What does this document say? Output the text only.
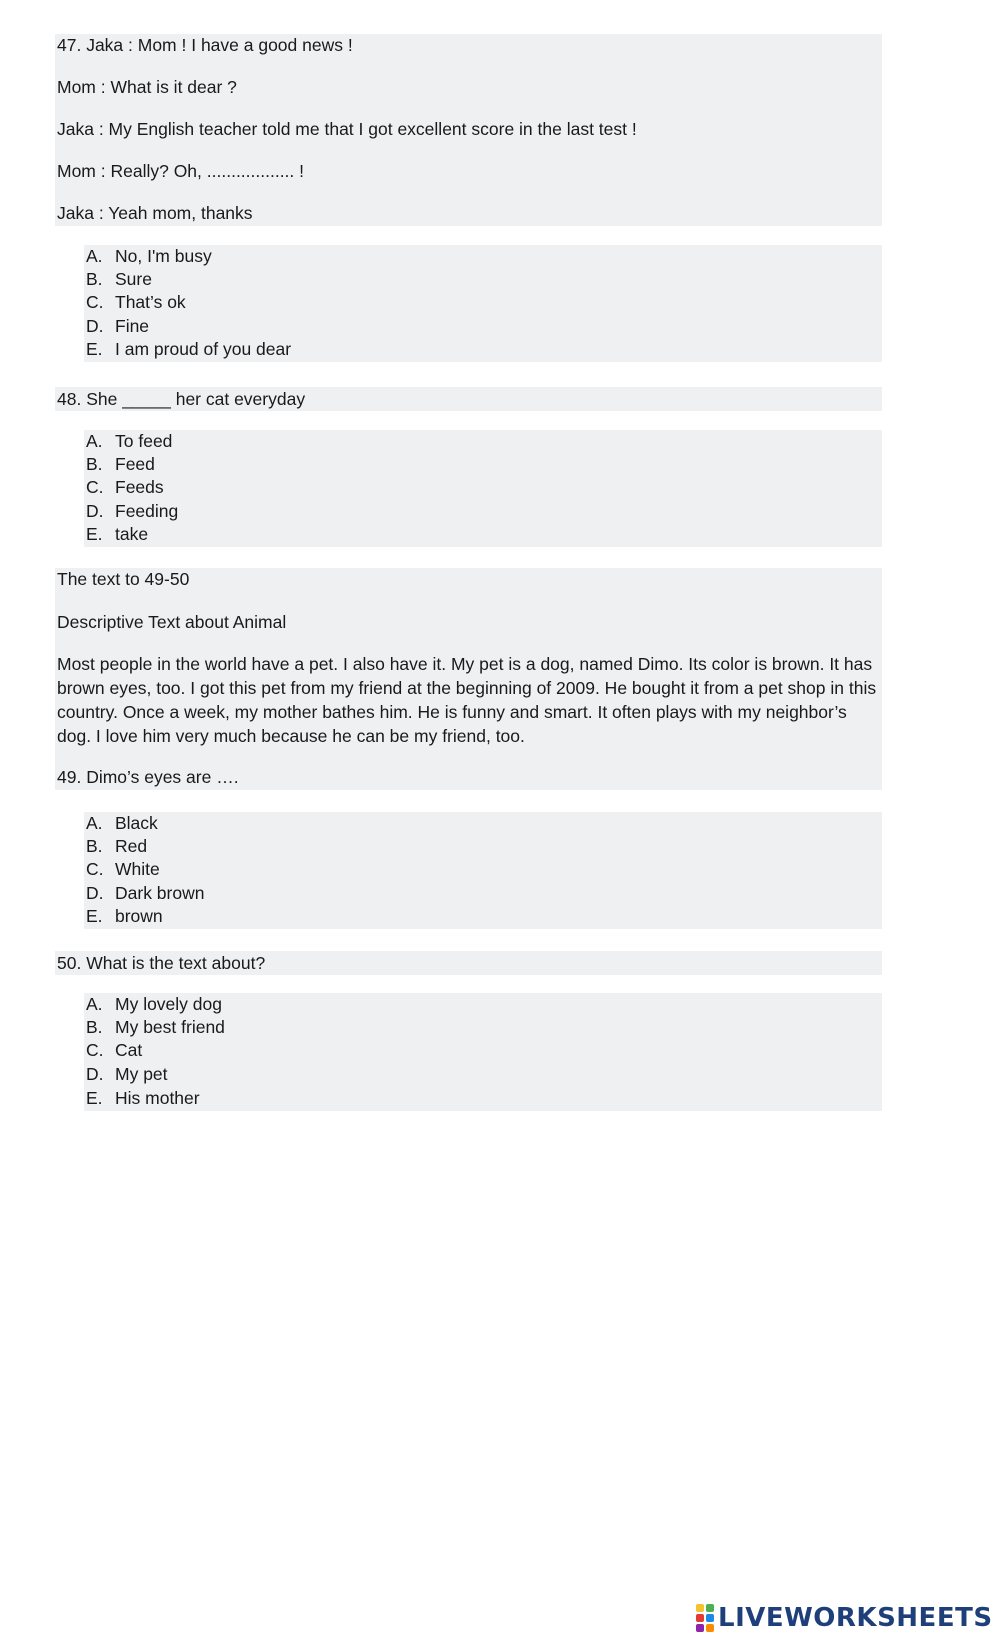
47. Jaka : Mom ! I have a good news !
Mom : What is it dear ?
Jaka : My English teacher told me that I got excellent score in the last test !
Mom : Really? Oh, .................. !
Jaka : Yeah mom, thanks
A. No, I'm busy
B. Sure
C. That’s ok
D. Fine
E. I am proud of you dear
48. She _____ her cat everyday
A. To feed
B. Feed
C. Feeds
D. Feeding
E. take
The text to 49-50
Descriptive Text about Animal
Most people in the world have a pet. I also have it. My pet is a dog, named Dimo. Its color is brown. It has brown eyes, too. I got this pet from my friend at the beginning of 2009. He bought it from a pet shop in this country. Once a week, my mother bathes him. He is funny and smart. It often plays with my neighbor’s dog. I love him very much because he can be my friend, too.
49. Dimo’s eyes are ….
A. Black
B. Red
C. White
D. Dark brown
E. brown
50. What is the text about?
A. My lovely dog
B. My best friend
C. Cat
D. My pet
E. His mother
LIVEWORKSHEETS
